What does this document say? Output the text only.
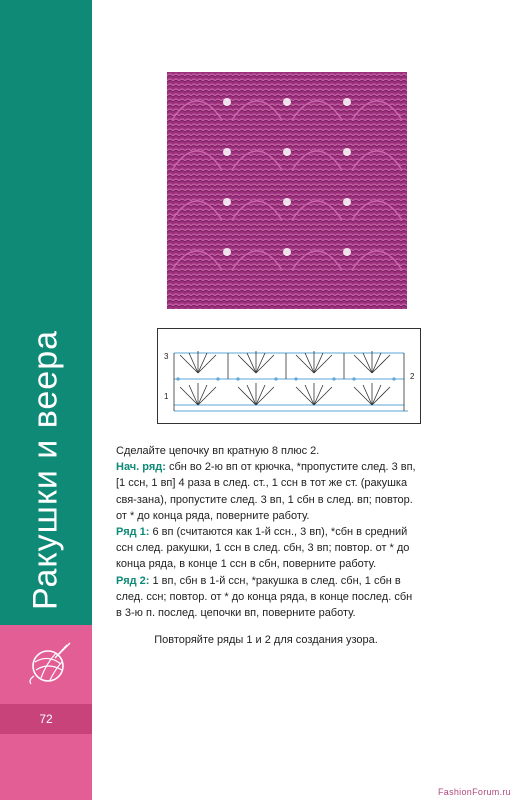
Ракушки и веера
72
3
2
1

Сделайте цепочку вп кратную 8 плюс 2.

Нач. ряд: сбн во 2-ю вп от крючка, *пропустите след. 3 вп, [1 ссн, 1 вп] 4 раза в след. ст., 1 ссн в тот же ст. (ракушка свя-зана), пропустите след. 3 вп, 1 сбн в след. вп; повтор. от * до конца ряда, поверните работу.

Ряд 1: 6 вп (считаются как 1-й ссн., 3 вп), *сбн в средний ссн след. ракушки, 1 ссн в след. сбн, 3 вп; повтор. от * до конца ряда, в конце 1 ссн в сбн, поверните работу.

Ряд 2: 1 вп, сбн в 1-й ссн, *ракушка в след. сбн, 1 сбн в след. ссн; повтор. от * до конца ряда, в конце послед. сбн в 3-ю п. послед. цепочки вп, поверните работу.

Повторяйте ряды 1 и 2 для создания узора.
FashionForum.ru
